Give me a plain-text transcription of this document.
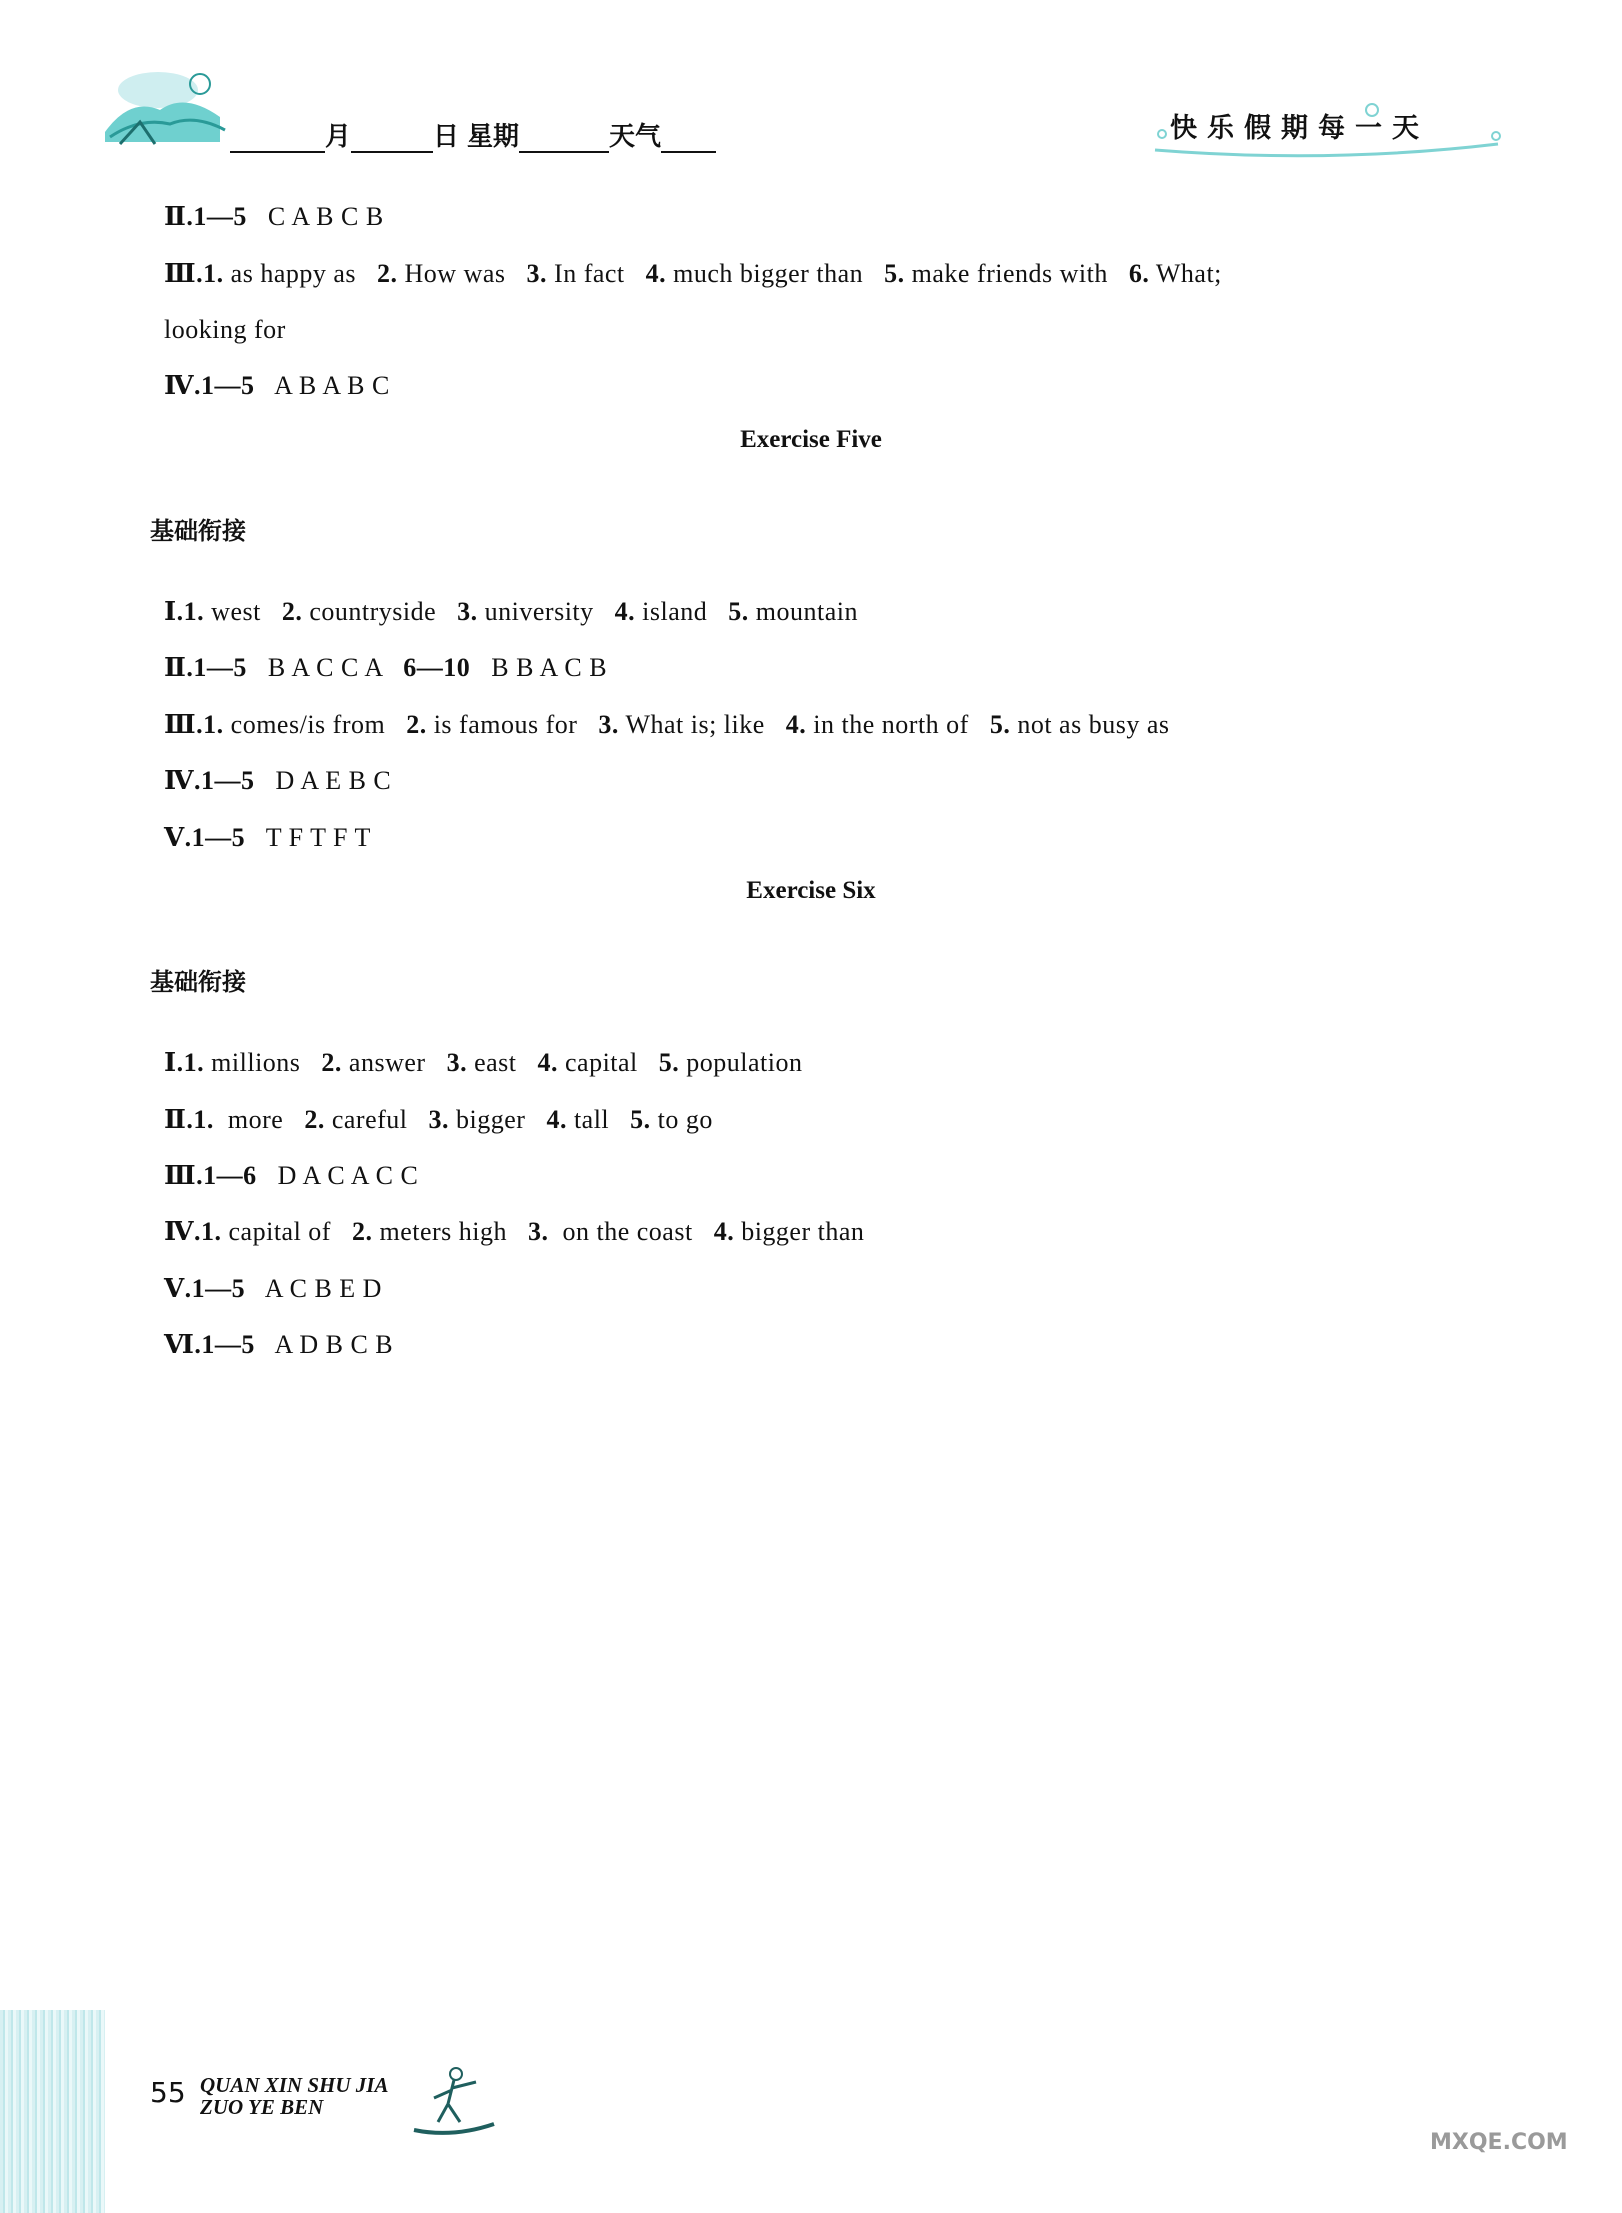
月	日 星期	天气	快乐假期每一天

Ⅱ.1—5 C A B C B

Ⅲ.1. as happy as 2. How was 3. In fact 4. much bigger than 5. make friends with 6. What;

looking for

Ⅳ.1—5 A B A B C

Exercise Five
基础衔接

Ⅰ.1. west 2. countryside 3. university 4. island 5. mountain

Ⅱ.1—5 B A C C A 6—10 B B A C B

Ⅲ.1. comes/is from 2. is famous for 3. What is; like 4. in the north of 5. not as busy as

Ⅳ.1—5 D A E B C

Ⅴ.1—5 T F T F T

Exercise Six
基础衔接

Ⅰ.1. millions 2. answer 3. east 4. capital 5. population

Ⅱ.1. more 2. careful 3. bigger 4. tall 5. to go

Ⅲ.1—6 D A C A C C

Ⅳ.1. capital of 2. meters high 3. on the coast 4. bigger than

Ⅴ.1—5 A C B E D

Ⅵ.1—5 A D B C B

55 QUAN XIN SHU JIA
ZUO YE BEN
MXQE.COM
